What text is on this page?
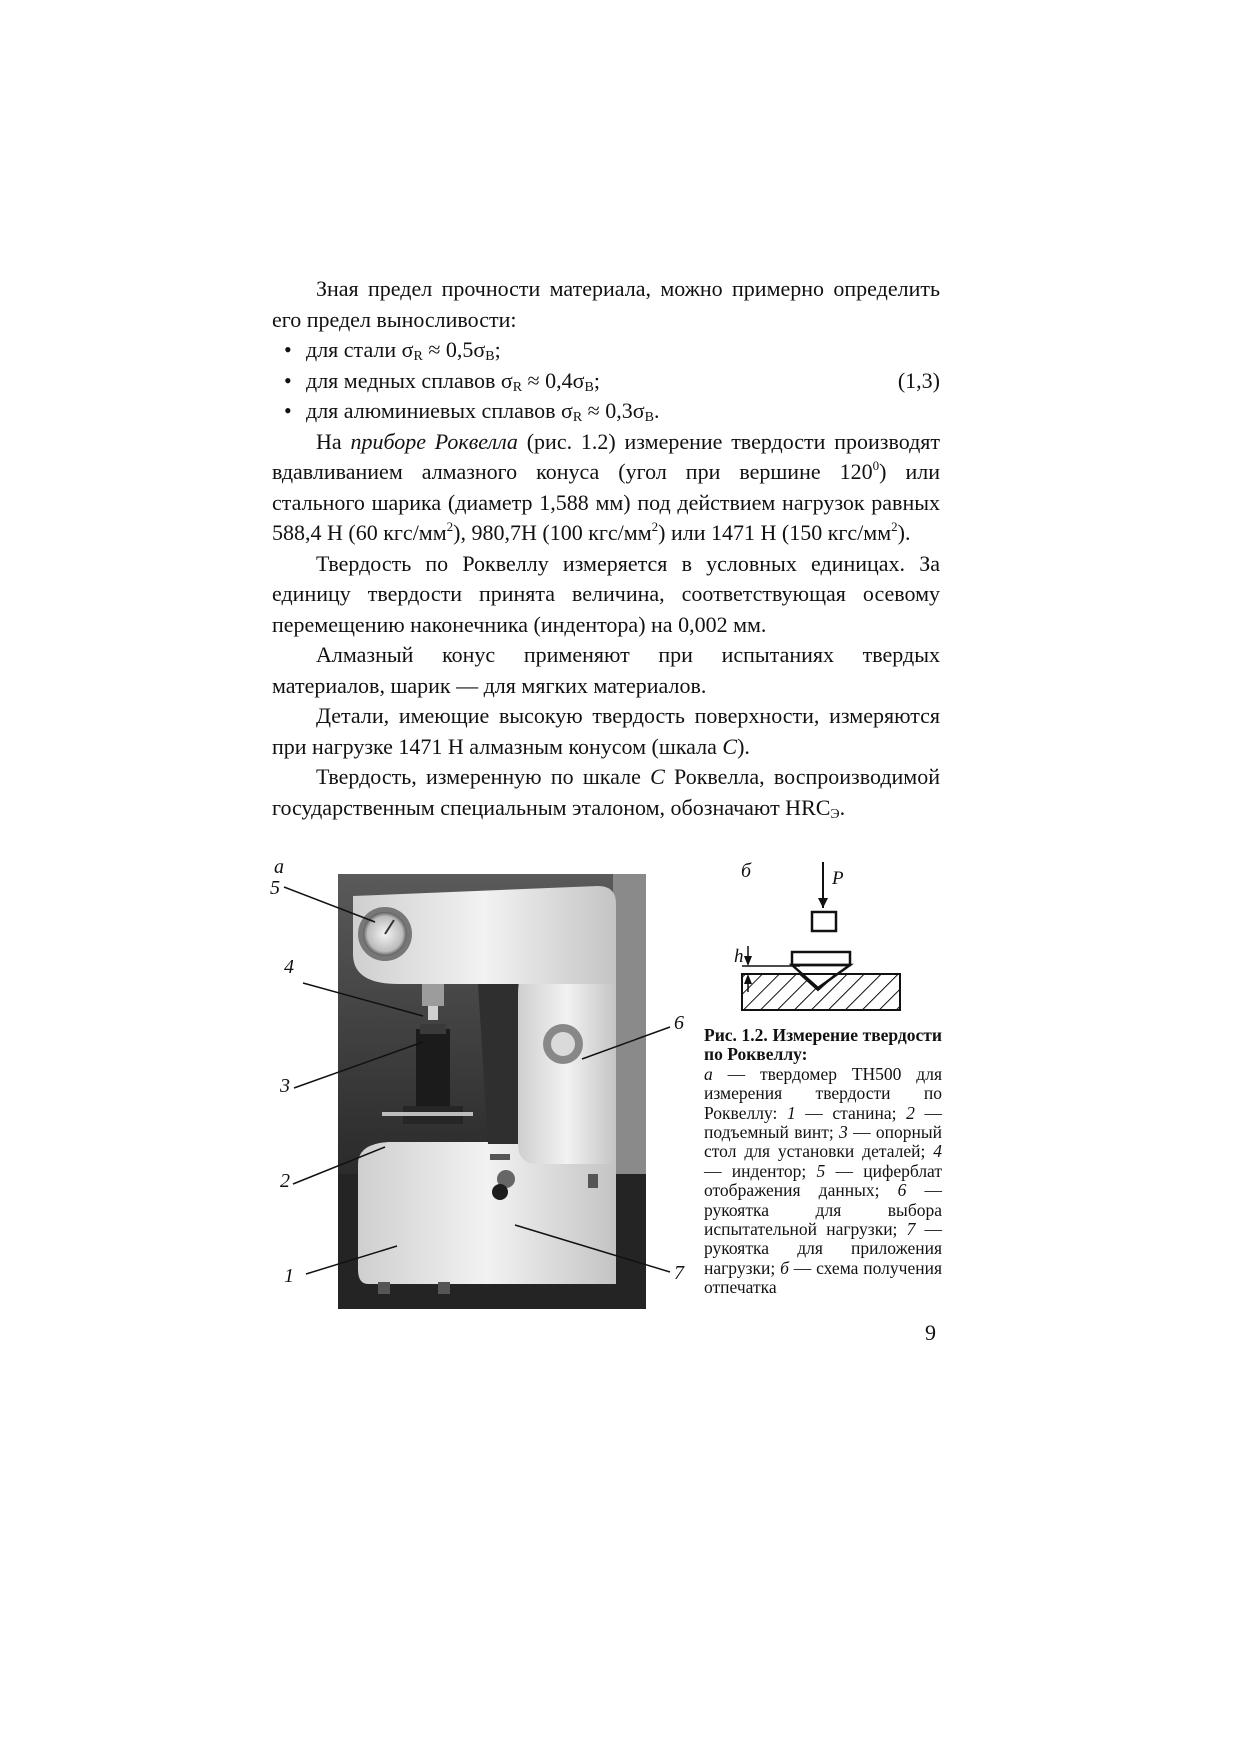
Зная предел прочности материала, можно примерно определить его предел выносливости:

• для стали $\sigma_R \approx 0,5\sigma_B$;

• для медных сплавов $\sigma_R \approx 0,4\sigma_B$;	(1,3)

• для алюминиевых сплавов $\sigma_R \approx 0,3\sigma_B$.

На приборе Роквелла (рис. 1.2) измерение твердости производят вдавливанием алмазного конуса (угол при вершине $120^0$) или стального шарика (диаметр 1,588 мм) под действием нагрузок равных 588,4 Н (60 кгс/$мм^2$), 980,7Н (100 кгс/$мм^2$) или 1471 Н (150 кгс/$мм^2$).

Твердость по Роквеллу измеряется в условных единицах. За единицу твердости принята величина, соответствующая осевому перемещению наконечника (индентора) на 0,002 мм.

Алмазный конус применяют при испытаниях твердых материалов, шарик — для мягких материалов.

Детали, имеющие высокую твердость поверхности, измеряются при нагрузке 1471 Н алмазным конусом (шкала С).

Твердость, измеренную по шкале С Роквелла, воспроизводимой государственным специальным эталоном, обозначают $HRC_Э$.

а
5
4
3
2
1
6
7
б	P
h
Рис. 1.2. Измерение твердости по Роквеллу:
а — твердомер ТН500 для измерения твердости по Роквеллу: 1 — станина; 2 — подъемный винт; 3 — опорный стол для установки деталей; 4 — индентор; 5 — циферблат отображения данных; 6 — рукоятка для выбора испытательной нагрузки; 7 — рукоятка для приложения нагрузки; б — схема получения отпечатка
9
